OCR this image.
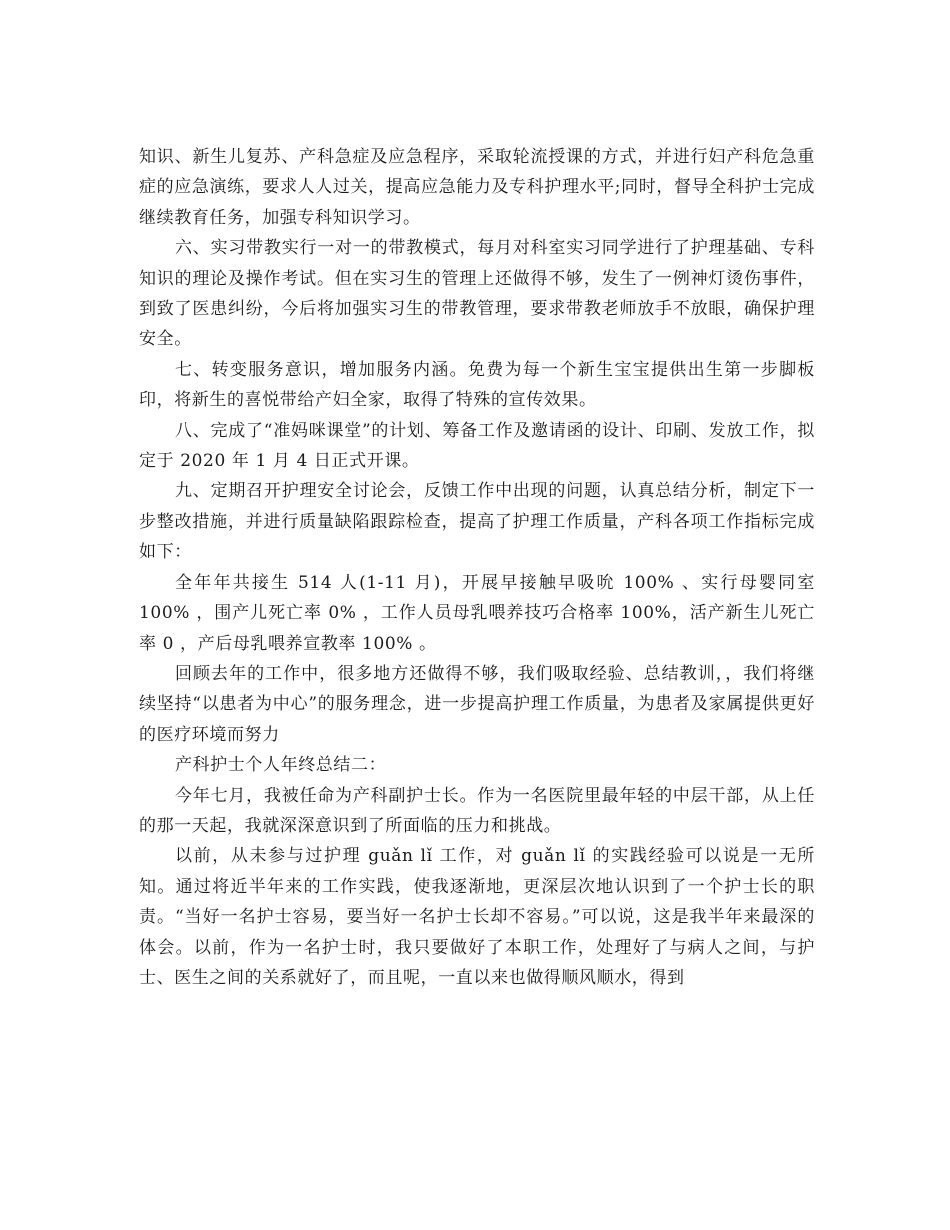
知识、新生儿复苏、产科急症及应急程序，采取轮流授课的方式，并进行妇产科危急重症的应急演练，要求人人过关，提高应急能力及专科护理水平;同时，督导全科护士完成继续教育任务，加强专科知识学习。

六、实习带教实行一对一的带教模式，每月对科室实习同学进行了护理基础、专科知识的理论及操作考试。但在实习生的管理上还做得不够，发生了一例神灯烫伤事件，到致了医患纠纷，今后将加强实习生的带教管理，要求带教老师放手不放眼，确保护理安全。

七、转变服务意识，增加服务内涵。免费为每一个新生宝宝提供出生第一步脚板印，将新生的喜悦带给产妇全家，取得了特殊的宣传效果。

八、完成了“准妈咪课堂”的计划、筹备工作及邀请函的设计、印刷、发放工作，拟定于 2020 年 1 月 4 日正式开课。

九、定期召开护理安全讨论会，反馈工作中出现的问题，认真总结分析，制定下一步整改措施，并进行质量缺陷跟踪检查，提高了护理工作质量，产科各项工作指标完成如下：

全年年共接生 514 人(1-11 月)，开展早接触早吸吮 100% 、实行母婴同室 100% ，围产儿死亡率 0% ，工作人员母乳喂养技巧合格率 100%，活产新生儿死亡率 0 ，产后母乳喂养宣教率 100% 。

回顾去年的工作中，很多地方还做得不够，我们吸取经验、总结教训，，我们将继续坚持“以患者为中心”的服务理念，进一步提高护理工作质量，为患者及家属提供更好的医疗环境而努力

产科护士个人年终总结二：

今年七月，我被任命为产科副护士长。作为一名医院里最年轻的中层干部，从上任的那一天起，我就深深意识到了所面临的压力和挑战。

以前，从未参与过护理 guǎn lǐ 工作，对 guǎn lǐ 的实践经验可以说是一无所知。通过将近半年来的工作实践，使我逐渐地，更深层次地认识到了一个护士长的职责。“当好一名护士容易，要当好一名护士长却不容易。”可以说，这是我半年来最深的体会。以前，作为一名护士时，我只要做好了本职工作，处理好了与病人之间，与护士、医生之间的关系就好了，而且呢，一直以来也做得顺风顺水，得到
